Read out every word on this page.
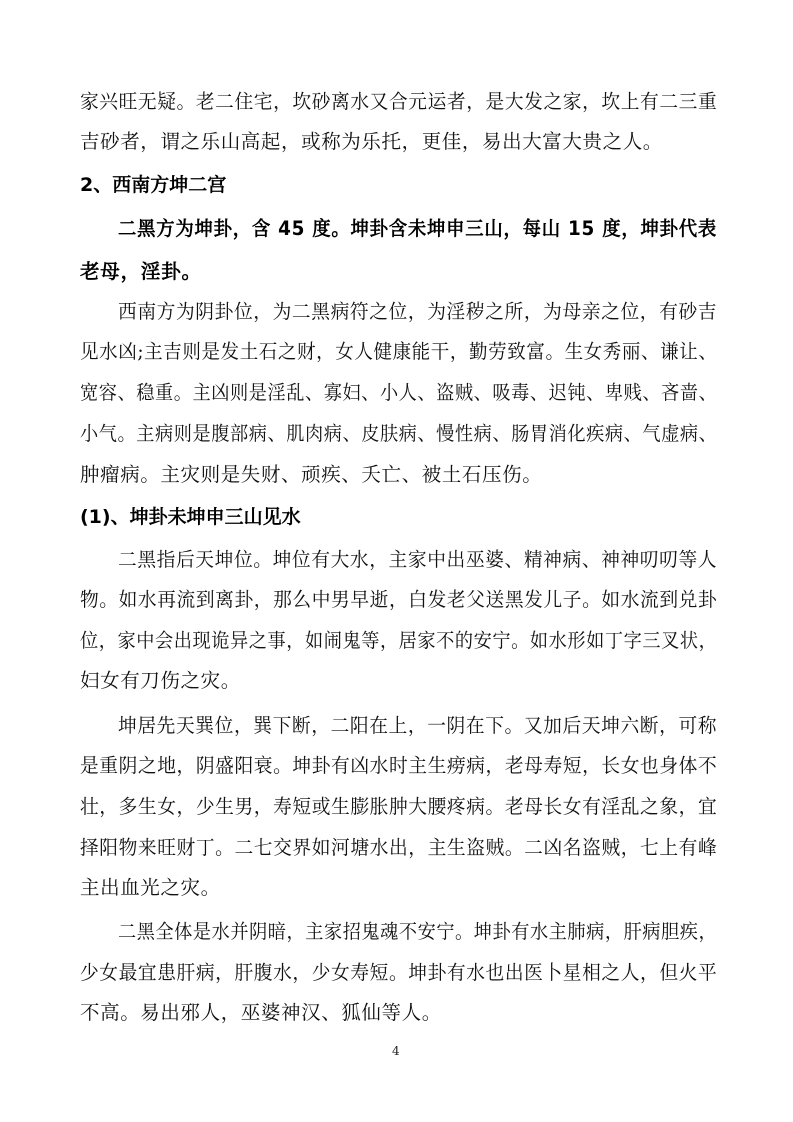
家兴旺无疑。老二住宅，坎砂离水又合元运者，是大发之家，坎上有二三重
吉砂者，谓之乐山高起，或称为乐托，更佳，易出大富大贵之人。
2、西南方坤二宫
二黑方为坤卦，含 45 度。坤卦含未坤申三山，每山 15 度，坤卦代表
老母，淫卦。
西南方为阴卦位，为二黑病符之位，为淫秽之所，为母亲之位，有砂吉
见水凶;主吉则是发土石之财，女人健康能干，勤劳致富。生女秀丽、谦让、
宽容、稳重。主凶则是淫乱、寡妇、小人、盗贼、吸毒、迟钝、卑贱、吝啬、
小气。主病则是腹部病、肌肉病、皮肤病、慢性病、肠胃消化疾病、气虚病、
肿瘤病。主灾则是失财、顽疾、夭亡、被土石压伤。
(1)、坤卦未坤申三山见水
二黑指后天坤位。坤位有大水，主家中出巫婆、精神病、神神叨叨等人
物。如水再流到离卦，那么中男早逝，白发老父送黑发儿子。如水流到兑卦
位，家中会出现诡异之事，如闹鬼等，居家不的安宁。如水形如丁字三叉状，
妇女有刀伤之灾。
坤居先天巽位，巽下断，二阳在上，一阴在下。又加后天坤六断，可称
是重阴之地，阴盛阳衰。坤卦有凶水时主生痨病，老母寿短，长女也身体不
壮，多生女，少生男，寿短或生膨胀肿大腰疼病。老母长女有淫乱之象，宜
择阳物来旺财丁。二七交界如河塘水出，主生盗贼。二凶名盗贼，七上有峰
主出血光之灾。
二黑全体是水并阴暗，主家招鬼魂不安宁。坤卦有水主肺病，肝病胆疾，
少女最宜患肝病，肝腹水，少女寿短。坤卦有水也出医卜星相之人，但火平
不高。易出邪人，巫婆神汉、狐仙等人。
4
